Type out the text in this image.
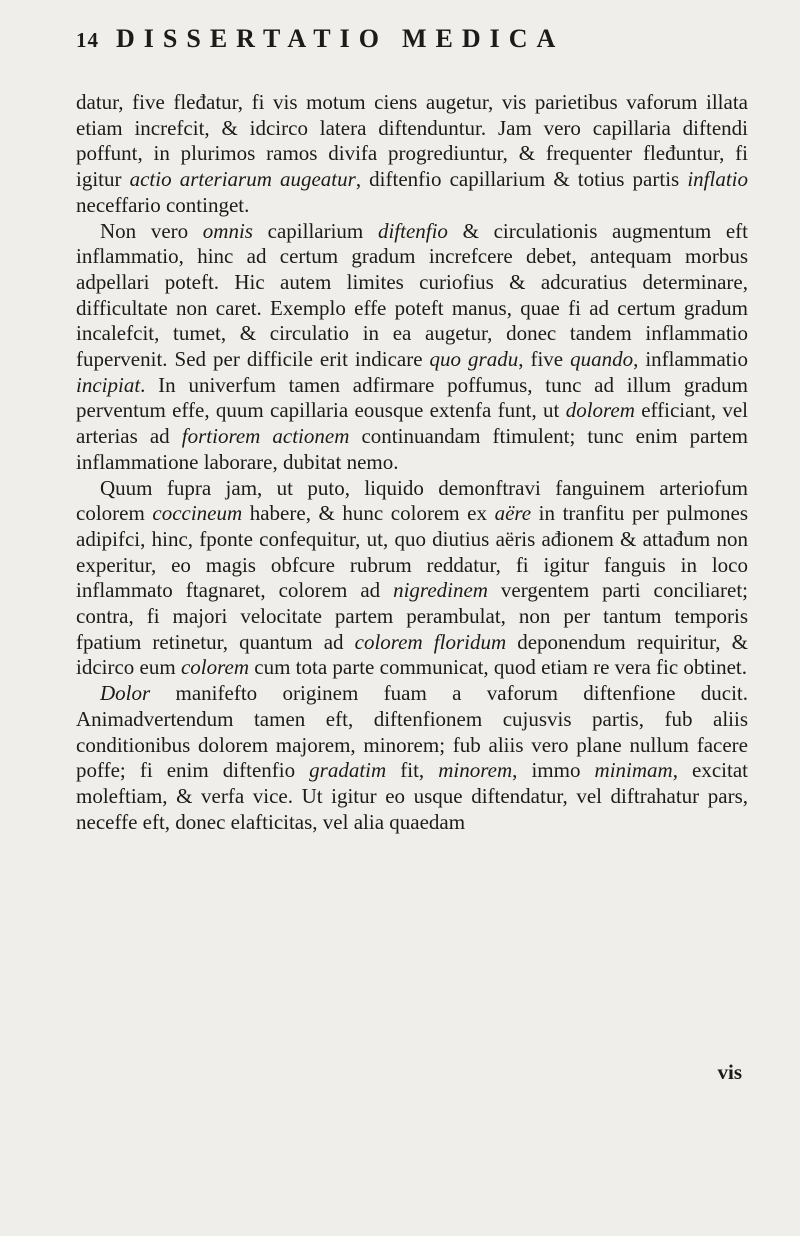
14 DISSERTATIO MEDICA

datur, five fleđatur, fi vis motum ciens augetur, vis parietibus vaforum illata etiam increfcit, & idcirco latera diftenduntur. Jam vero capillaria diftendi poffunt, in plurimos ramos divifa progrediuntur, & frequenter fleđuntur, fi igitur actio arteriarum augeatur, diftenfio capillarium & totius partis inflatio neceffario continget.

Non vero omnis capillarium diftenfio & circulationis augmentum eft inflammatio, hinc ad certum gradum increfcere debet, antequam morbus adpellari poteft. Hic autem limites curiofius & adcuratius determinare, difficultate non caret. Exemplo effe poteft manus, quae fi ad certum gradum incalefcit, tumet, & circulatio in ea augetur, donec tandem inflammatio fupervenit. Sed per difficile erit indicare quo gradu, five quando, inflammatio incipiat. In univerfum tamen adfirmare poffumus, tunc ad illum gradum perventum effe, quum capillaria eousque extenfa funt, ut dolorem efficiant, vel arterias ad fortiorem actionem continuandam ftimulent; tunc enim partem inflammatione laborare, dubitat nemo.

Quum fupra jam, ut puto, liquido demonftravi fanguinem arteriofum colorem coccineum habere, & hunc colorem ex aëre in tranfitu per pulmones adipifci, hinc, fponte confequitur, ut, quo diutius aëris ađionem & attađum non experitur, eo magis obfcure rubrum reddatur, fi igitur fanguis in loco inflammato ftagnaret, colorem ad nigredinem vergentem parti conciliaret; contra, fi majori velocitate partem perambulat, non per tantum temporis fpatium retinetur, quantum ad colorem floridum deponendum requiritur, & idcirco eum colorem cum tota parte communicat, quod etiam re vera fic obtinet.

Dolor manifefto originem fuam a vaforum diftenfione ducit. Animadvertendum tamen eft, diftenfionem cujusvis partis, fub aliis conditionibus dolorem majorem, minorem; fub aliis vero plane nullum facere poffe; fi enim diftenfio gradatim fit, minorem, immo minimam, excitat moleftiam, & verfa vice. Ut igitur eo usque diftendatur, vel diftrahatur pars, neceffe eft, donec elafticitas, vel alia quaedam

vis
